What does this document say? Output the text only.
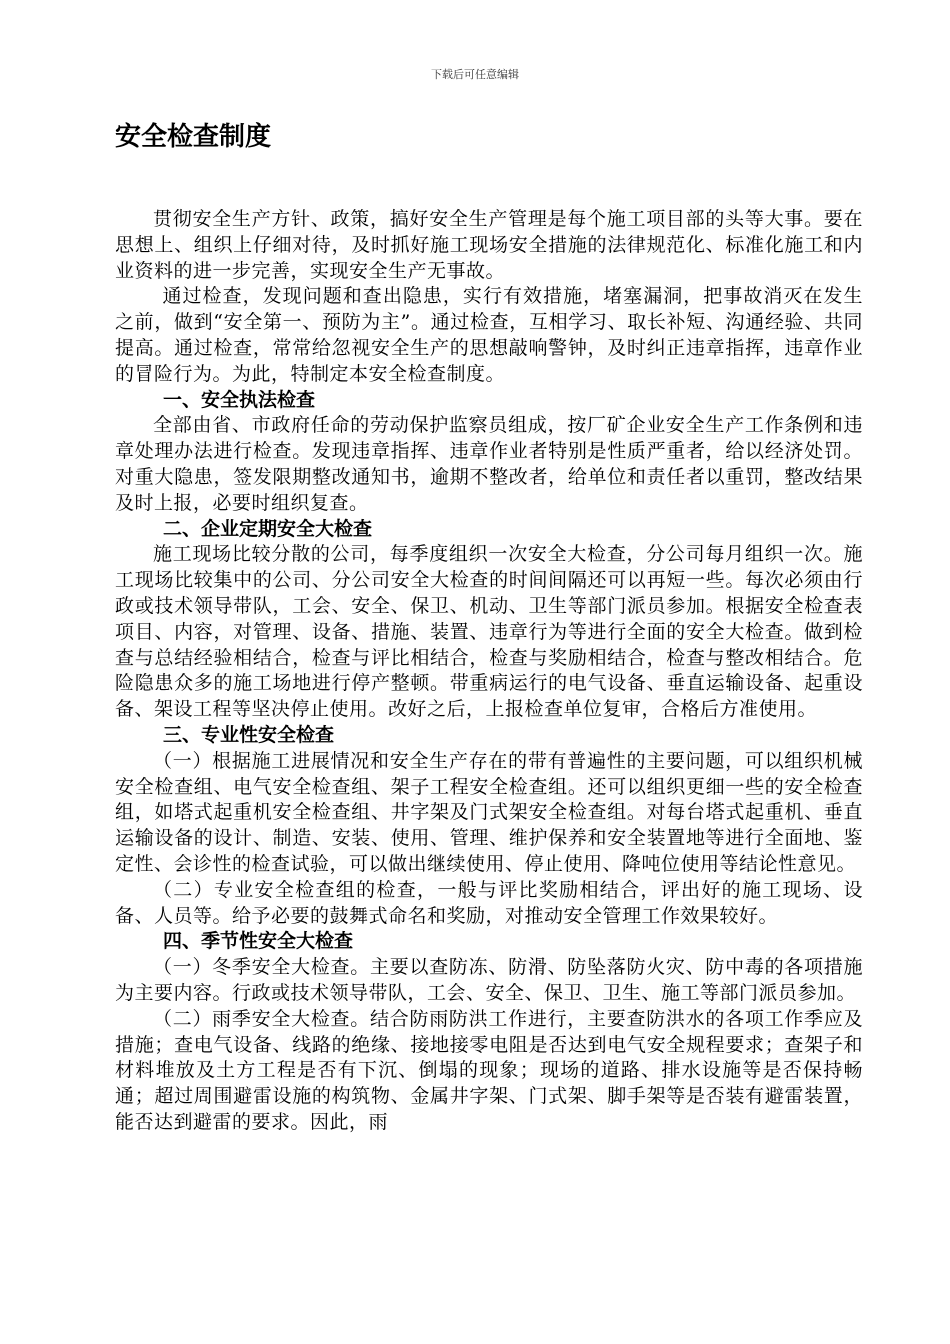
下载后可任意编辑
安全检查制度

贯彻安全生产方针、政策，搞好安全生产管理是每个施工项目部的头等大事。要在思想上、组织上仔细对待，及时抓好施工现场安全措施的法律规范化、标准化施工和内业资料的进一步完善，实现安全生产无事故。

通过检查，发现问题和查出隐患，实行有效措施，堵塞漏洞，把事故消灭在发生之前，做到“安全第一、预防为主”。通过检查，互相学习、取长补短、沟通经验、共同提高。通过检查，常常给忽视安全生产的思想敲响警钟，及时纠正违章指挥，违章作业的冒险行为。为此，特制定本安全检查制度。

一、安全执法检查

全部由省、市政府任命的劳动保护监察员组成，按厂矿企业安全生产工作条例和违章处理办法进行检查。发现违章指挥、违章作业者特别是性质严重者，给以经济处罚。对重大隐患，签发限期整改通知书，逾期不整改者，给单位和责任者以重罚，整改结果及时上报，必要时组织复查。

二、企业定期安全大检查

施工现场比较分散的公司，每季度组织一次安全大检查，分公司每月组织一次。施工现场比较集中的公司、分公司安全大检查的时间间隔还可以再短一些。每次必须由行政或技术领导带队，工会、安全、保卫、机动、卫生等部门派员参加。根据安全检查表项目、内容，对管理、设备、措施、装置、违章行为等进行全面的安全大检查。做到检查与总结经验相结合，检查与评比相结合，检查与奖励相结合，检查与整改相结合。危险隐患众多的施工场地进行停产整顿。带重病运行的电气设备、垂直运输设备、起重设备、架设工程等坚决停止使用。改好之后，上报检查单位复审，合格后方准使用。

三、专业性安全检查

（一）根据施工进展情况和安全生产存在的带有普遍性的主要问题，可以组织机械安全检查组、电气安全检查组、架子工程安全检查组。还可以组织更细一些的安全检查组，如塔式起重机安全检查组、井字架及门式架安全检查组。对每台塔式起重机、垂直运输设备的设计、制造、安装、使用、管理、维护保养和安全装置地等进行全面地、鉴定性、会诊性的检查试验，可以做出继续使用、停止使用、降吨位使用等结论性意见。

（二）专业安全检查组的检查，一般与评比奖励相结合，评出好的施工现场、设备、人员等。给予必要的鼓舞式命名和奖励，对推动安全管理工作效果较好。

四、季节性安全大检查

（一）冬季安全大检查。主要以查防冻、防滑、防坠落防火灾、防中毒的各项措施为主要内容。行政或技术领导带队，工会、安全、保卫、卫生、施工等部门派员参加。

（二）雨季安全大检查。结合防雨防洪工作进行，主要查防洪水的各项工作季应及措施；查电气设备、线路的绝缘、接地接零电阻是否达到电气安全规程要求；查架子和材料堆放及土方工程是否有下沉、倒塌的现象；现场的道路、排水设施等是否保持畅通；超过周围避雷设施的构筑物、金属井字架、门式架、脚手架等是否装有避雷装置，能否达到避雷的要求。因此，雨
